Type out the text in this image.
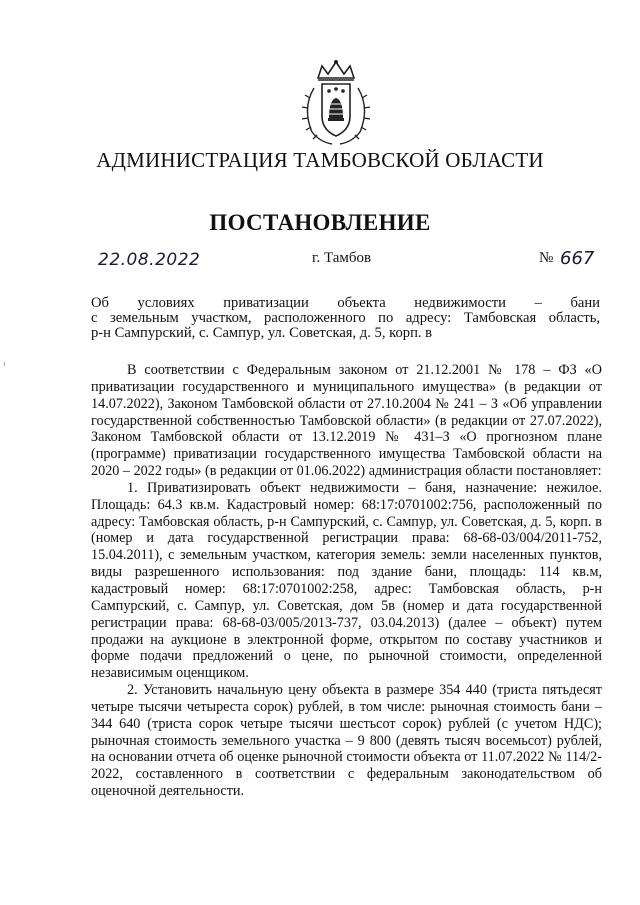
АДМИНИСТРАЦИЯ ТАМБОВСКОЙ ОБЛАСТИ
ПОСТАНОВЛЕНИЕ
22.08.2022	г. Тамбов	№ 667
Об условиях приватизации объекта недвижимости – бани
с земельным участком, расположенного по адресу: Тамбовская область,
р-н Сампурский, с. Сампур, ул. Советская, д. 5, корп. в

В соответствии с Федеральным законом от 21.12.2001 № 178 – ФЗ «О приватизации государственного и муниципального имущества» (в редакции от 14.07.2022), Законом Тамбовской области от 27.10.2004 № 241 – З «Об управлении государственной собственностью Тамбовской области» (в редакции от 27.07.2022), Законом Тамбовской области от 13.12.2019 № 431–З «О прогнозном плане (программе) приватизации государственного имущества Тамбовской области на 2020 – 2022 годы» (в редакции от 01.06.2022) администрация области постановляет:

1. Приватизировать объект недвижимости – баня, назначение: нежилое. Площадь: 64.3 кв.м. Кадастровый номер: 68:17:0701002:756, расположенный по адресу: Тамбовская область, р-н Сампурский, с. Сампур, ул. Советская, д. 5, корп. в (номер и дата государственной регистрации права: 68-68-03/004/2011-752, 15.04.2011), с земельным участком, категория земель: земли населенных пунктов, виды разрешенного использования: под здание бани, площадь: 114 кв.м, кадастровый номер: 68:17:0701002:258, адрес: Тамбовская область, р-н Сампурский, с. Сампур, ул. Советская, дом 5в (номер и дата государственной регистрации права: 68-68-03/005/2013-737, 03.04.2013) (далее – объект) путем продажи на аукционе в электронной форме, открытом по составу участников и форме подачи предложений о цене, по рыночной стоимости, определенной независимым оценщиком.

2. Установить начальную цену объекта в размере 354 440 (триста пятьдесят четыре тысячи четыреста сорок) рублей, в том числе: рыночная стоимость бани – 344 640 (триста сорок четыре тысячи шестьсот сорок) рублей (с учетом НДС); рыночная стоимость земельного участка – 9 800 (девять тысяч восемьсот) рублей, на основании отчета об оценке рыночной стоимости объекта от 11.07.2022 № 114/2-2022, составленного в соответствии с федеральным законодательством об оценочной деятельности.
